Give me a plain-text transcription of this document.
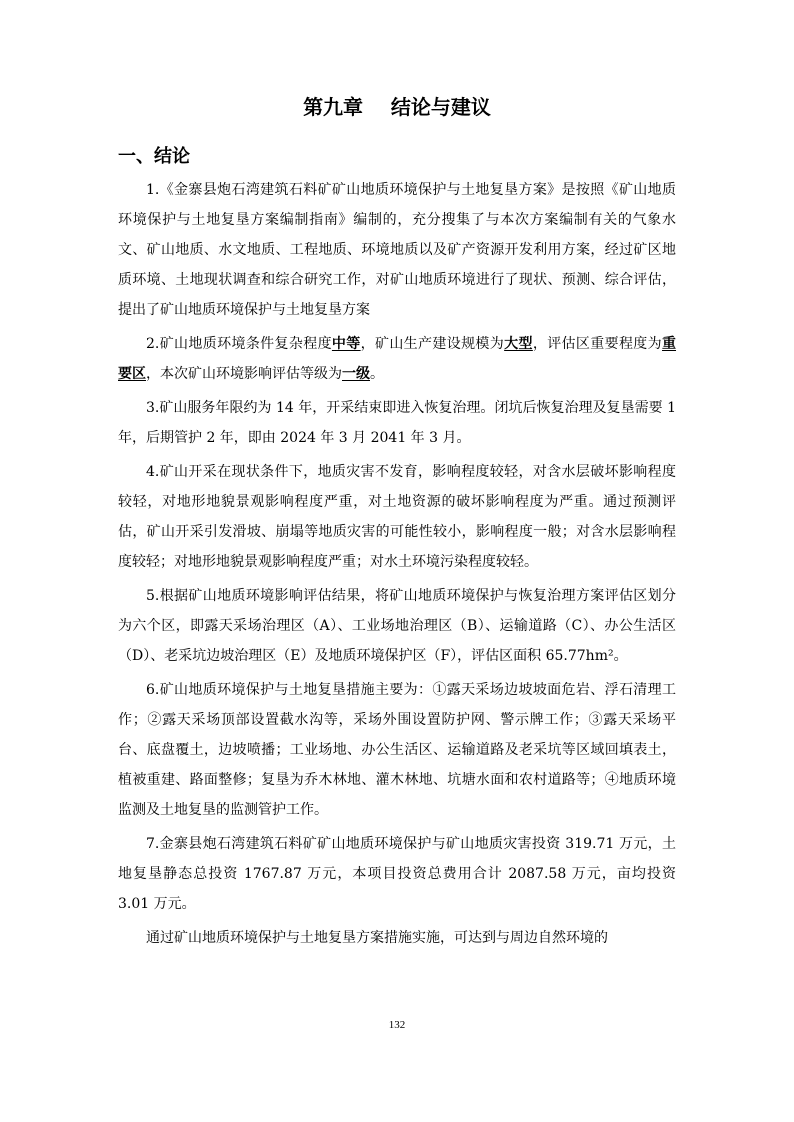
第九章    结论与建议
一、结论

1.《金寨县炮石湾建筑石料矿矿山地质环境保护与土地复垦方案》是按照《矿山地质环境保护与土地复垦方案编制指南》编制的，充分搜集了与本次方案编制有关的气象水文、矿山地质、水文地质、工程地质、环境地质以及矿产资源开发利用方案，经过矿区地质环境、土地现状调查和综合研究工作，对矿山地质环境进行了现状、预测、综合评估，提出了矿山地质环境保护与土地复垦方案

2.矿山地质环境条件复杂程度中等，矿山生产建设规模为大型，评估区重要程度为重要区，本次矿山环境影响评估等级为一级。

3.矿山服务年限约为 14 年，开采结束即进入恢复治理。闭坑后恢复治理及复垦需要 1 年，后期管护 2 年，即由 2024 年 3 月 2041 年 3 月。

4.矿山开采在现状条件下，地质灾害不发育，影响程度较轻，对含水层破坏影响程度较轻，对地形地貌景观影响程度严重，对土地资源的破坏影响程度为严重。通过预测评估，矿山开采引发滑坡、崩塌等地质灾害的可能性较小，影响程度一般；对含水层影响程度较轻；对地形地貌景观影响程度严重；对水土环境污染程度较轻。

5.根据矿山地质环境影响评估结果，将矿山地质环境保护与恢复治理方案评估区划分为六个区，即露天采场治理区（A）、工业场地治理区（B）、运输道路（C）、办公生活区（D）、老采坑边坡治理区（E）及地质环境保护区（F），评估区面积 65.77hm²。

6.矿山地质环境保护与土地复垦措施主要为：①露天采场边坡坡面危岩、浮石清理工作；②露天采场顶部设置截水沟等，采场外围设置防护网、警示牌工作；③露天采场平台、底盘覆土，边坡喷播；工业场地、办公生活区、运输道路及老采坑等区域回填表土，植被重建、路面整修；复垦为乔木林地、灌木林地、坑塘水面和农村道路等；④地质环境监测及土地复垦的监测管护工作。

7.金寨县炮石湾建筑石料矿矿山地质环境保护与矿山地质灾害投资 319.71 万元，土地复垦静态总投资 1767.87 万元，本项目投资总费用合计 2087.58 万元，亩均投资 3.01 万元。

通过矿山地质环境保护与土地复垦方案措施实施，可达到与周边自然环境的

132
